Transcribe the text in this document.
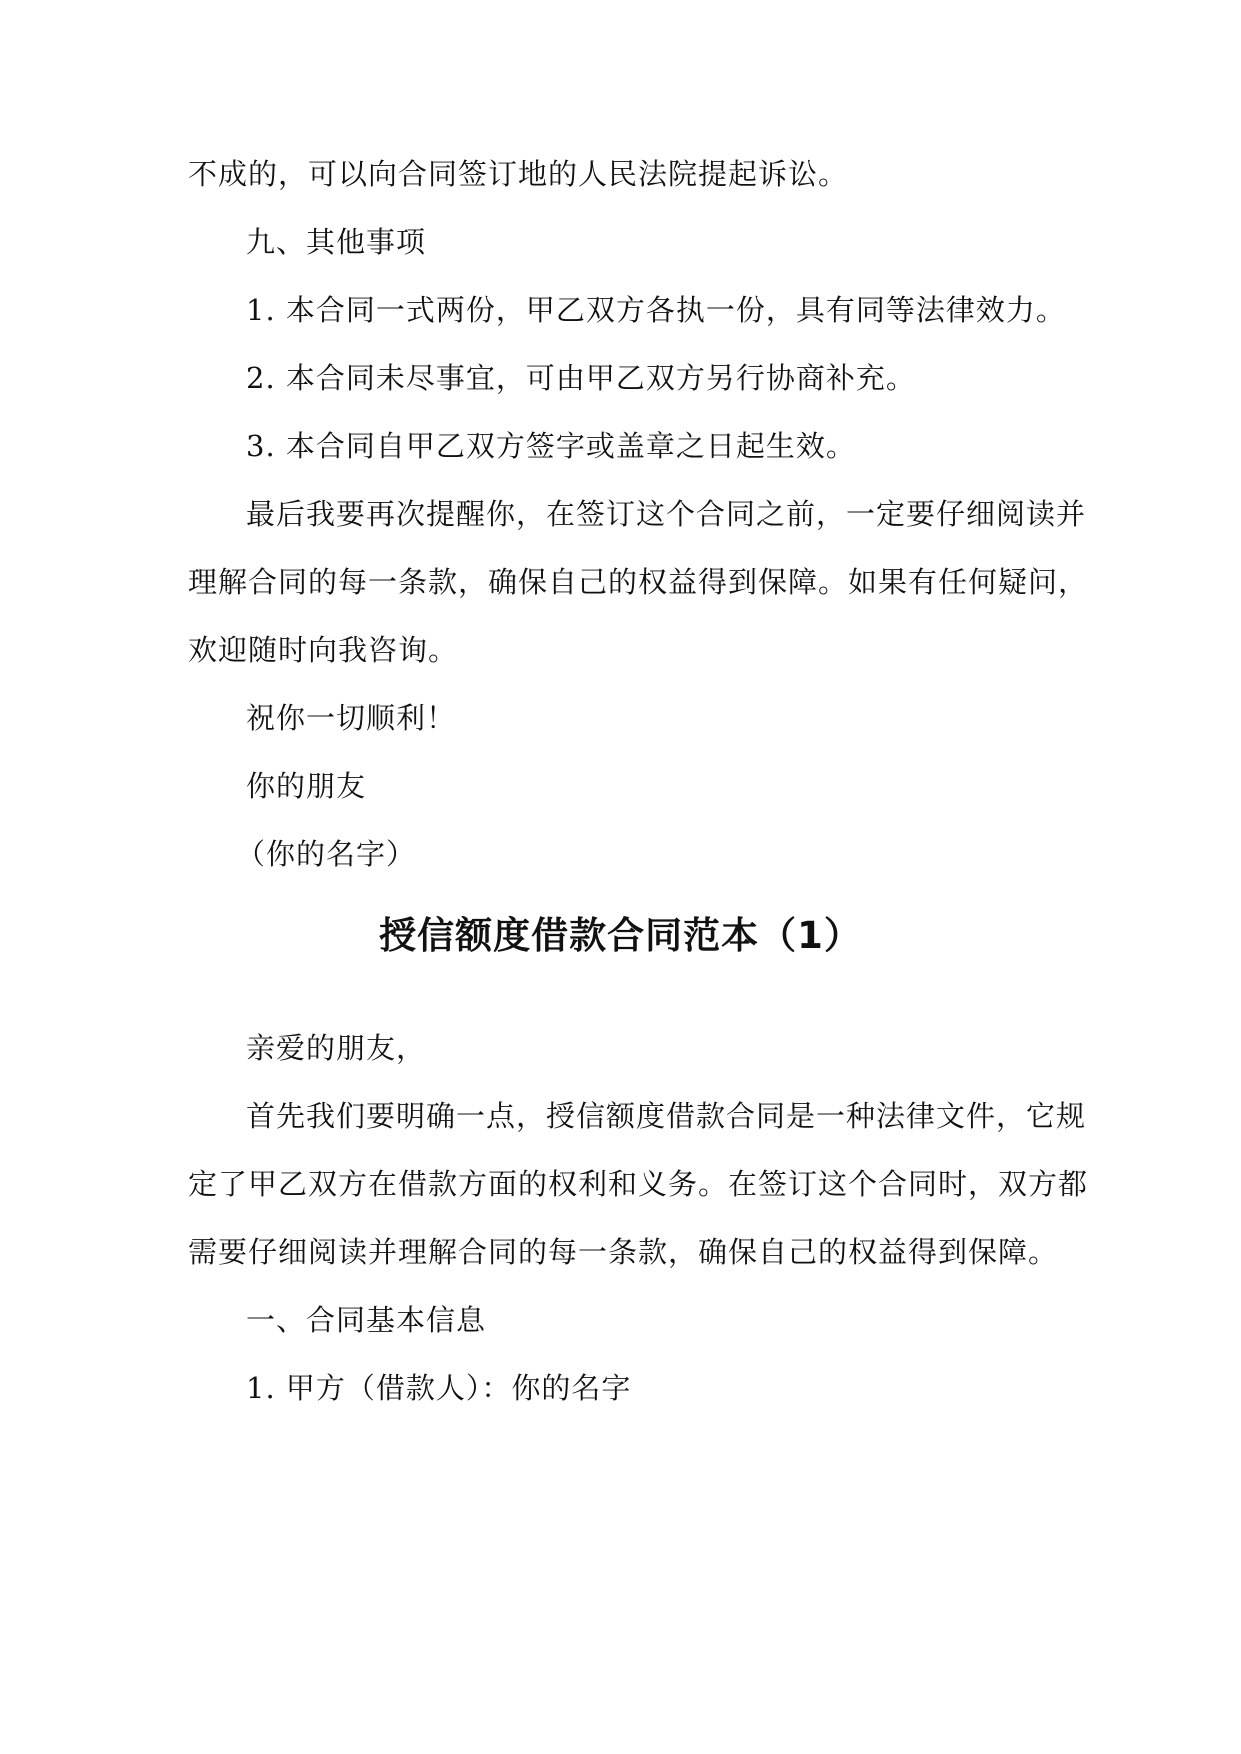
不成的，可以向合同签订地的人民法院提起诉讼。
九、其他事项
1. 本合同一式两份，甲乙双方各执一份，具有同等法律效力。
2. 本合同未尽事宜，可由甲乙双方另行协商补充。
3. 本合同自甲乙双方签字或盖章之日起生效。
最后我要再次提醒你，在签订这个合同之前，一定要仔细阅读并
理解合同的每一条款，确保自己的权益得到保障。如果有任何疑问，
欢迎随时向我咨询。
祝你一切顺利！
你的朋友
（你的名字）
授信额度借款合同范本（1）
亲爱的朋友，
首先我们要明确一点，授信额度借款合同是一种法律文件，它规
定了甲乙双方在借款方面的权利和义务。在签订这个合同时，双方都
需要仔细阅读并理解合同的每一条款，确保自己的权益得到保障。
一、合同基本信息
1. 甲方（借款人）：你的名字
